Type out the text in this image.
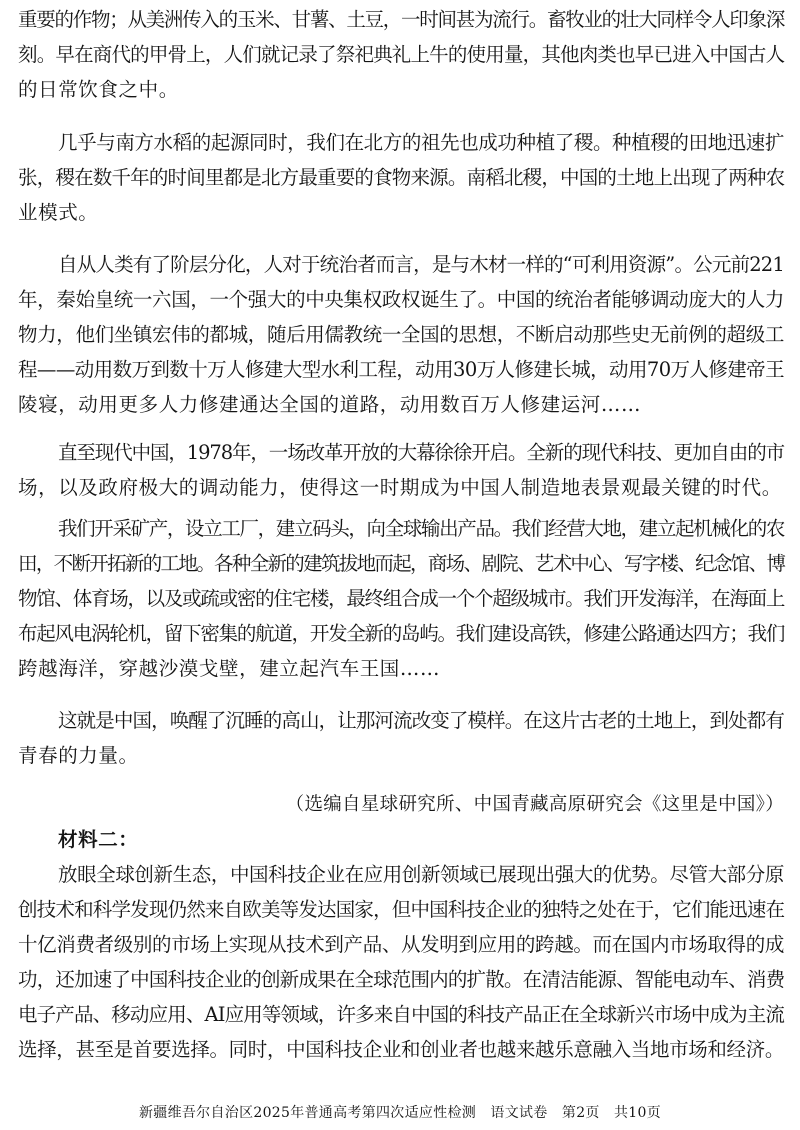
重要的作物；从美洲传入的玉米、甘薯、土豆，一时间甚为流行。畜牧业的壮大同样令人印象深
刻。早在商代的甲骨上，人们就记录了祭祀典礼上牛的使用量，其他肉类也早已进入中国古人
的日常饮食之中。
几乎与南方水稻的起源同时，我们在北方的祖先也成功种植了稷。种植稷的田地迅速扩
张，稷在数千年的时间里都是北方最重要的食物来源。南稻北稷，中国的土地上出现了两种农
业模式。
自从人类有了阶层分化，人对于统治者而言，是与木材一样的“可利用资源”。公元前221
年，秦始皇统一六国，一个强大的中央集权政权诞生了。中国的统治者能够调动庞大的人力
物力，他们坐镇宏伟的都城，随后用儒教统一全国的思想，不断启动那些史无前例的超级工
程——动用数万到数十万人修建大型水利工程，动用30万人修建长城，动用70万人修建帝王
陵寝，动用更多人力修建通达全国的道路，动用数百万人修建运河……
直至现代中国，1978年，一场改革开放的大幕徐徐开启。全新的现代科技、更加自由的市
场，以及政府极大的调动能力，使得这一时期成为中国人制造地表景观最关键的时代。
我们开采矿产，设立工厂，建立码头，向全球输出产品。我们经营大地，建立起机械化的农
田，不断开拓新的工地。各种全新的建筑拔地而起，商场、剧院、艺术中心、写字楼、纪念馆、博
物馆、体育场，以及或疏或密的住宅楼，最终组合成一个个超级城市。我们开发海洋，在海面上
布起风电涡轮机，留下密集的航道，开发全新的岛屿。我们建设高铁，修建公路通达四方；我们
跨越海洋，穿越沙漠戈壁，建立起汽车王国……
这就是中国，唤醒了沉睡的高山，让那河流改变了模样。在这片古老的土地上，到处都有
青春的力量。
（选编自星球研究所、中国青藏高原研究会《这里是中国》）
材料二：
放眼全球创新生态，中国科技企业在应用创新领域已展现出强大的优势。尽管大部分原
创技术和科学发现仍然来自欧美等发达国家，但中国科技企业的独特之处在于，它们能迅速在
十亿消费者级别的市场上实现从技术到产品、从发明到应用的跨越。而在国内市场取得的成
功，还加速了中国科技企业的创新成果在全球范围内的扩散。在清洁能源、智能电动车、消费
电子产品、移动应用、AI应用等领域，许多来自中国的科技产品正在全球新兴市场中成为主流
选择，甚至是首要选择。同时，中国科技企业和创业者也越来越乐意融入当地市场和经济。
新疆维吾尔自治区2025年普通高考第四次适应性检测　语文试卷　第2页　共10页
